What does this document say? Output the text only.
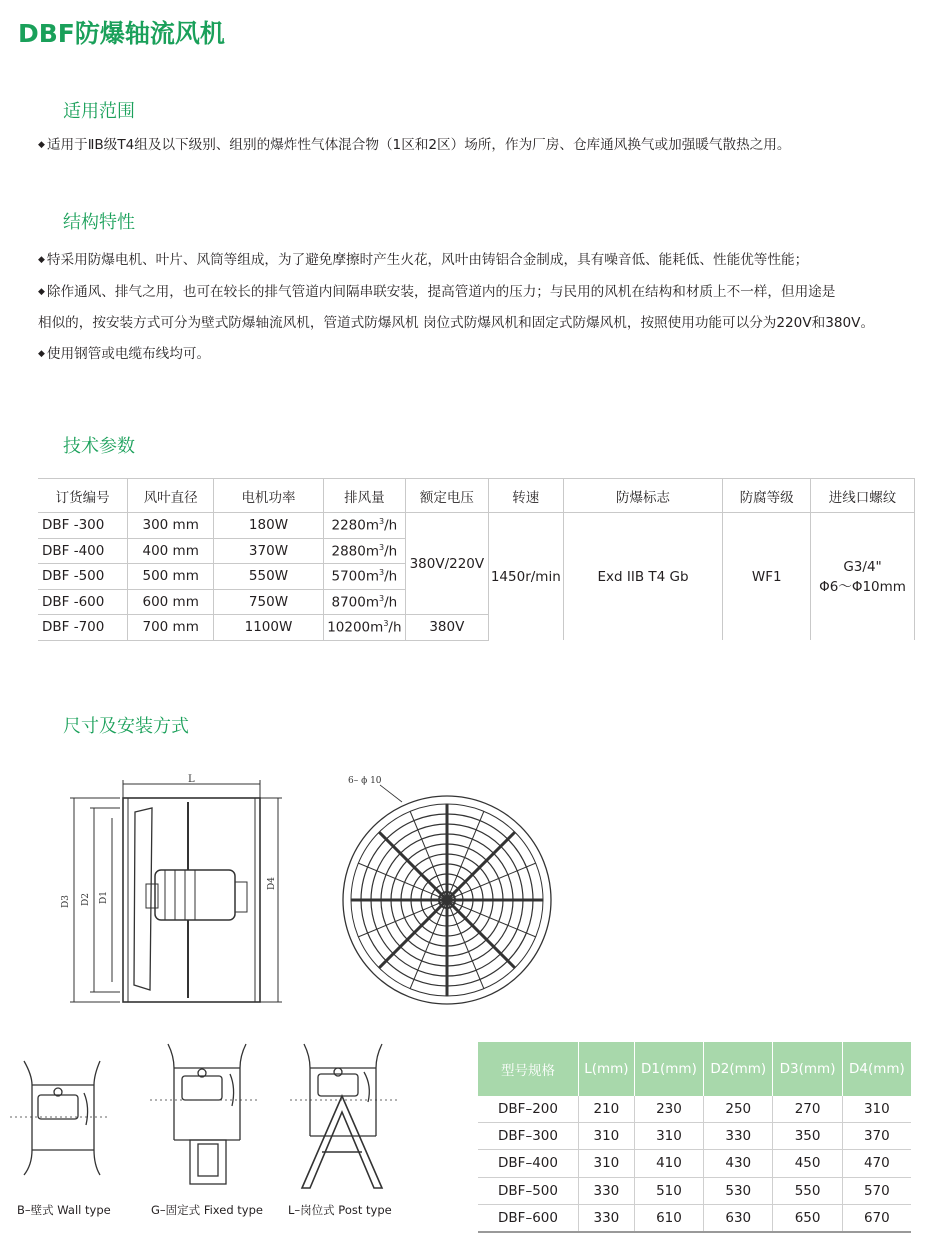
DBF防爆轴流风机
适用范围
◆ 适用于ⅡB级T4组及以下级别、组别的爆炸性气体混合物（1区和2区）场所，作为厂房、仓库通风换气或加强暖气散热之用。
结构特性
◆ 特采用防爆电机、叶片、风筒等组成，为了避免摩擦时产生火花，风叶由铸铝合金制成，具有噪音低、能耗低、性能优等性能；
◆ 除作通风、排气之用，也可在较长的排气管道内间隔串联安装，提高管道内的压力；与民用的风机在结构和材质上不一样，但用途是
相似的，按安装方式可分为壁式防爆轴流风机，管道式防爆风机 岗位式防爆风机和固定式防爆风机，按照使用功能可以分为220V和380V。
◆ 使用钢管或电缆布线均可。
技术参数
订货编号	风叶直径	电机功率	排风量	额定电压	转速	防爆标志	防腐等级	进线口螺纹
DBF -300	300 mm	180W	$2280m^3/h$	380V/220V	1450r/min	Exd IIB T4 Gb	WF1	G3/4"
Φ6～Φ10mm

DBF -400	400 mm	370W	$2880m^3/h$					
DBF -500	500 mm	550W	$5700m^3/h$					
DBF -600	600 mm	750W	$8700m^3/h$					
DBF -700	700 mm	1100W	$10200m^3/h$	380V				
尺寸及安装方式
L
D3 D2 D1
D4
6– ϕ 10
B–壁式 Wall type	G–固定式 Fixed type L–岗位式 Post type
型号规格	L(mm)	D1(mm)	D2(mm)	D3(mm)	D4(mm)
DBF–200	210	230	250	270	310
DBF–300	310	310	330	350	370
DBF–400	310	410	430	450	470
DBF–500	330	510	530	550	570
DBF–600	330	610	630	650	670
